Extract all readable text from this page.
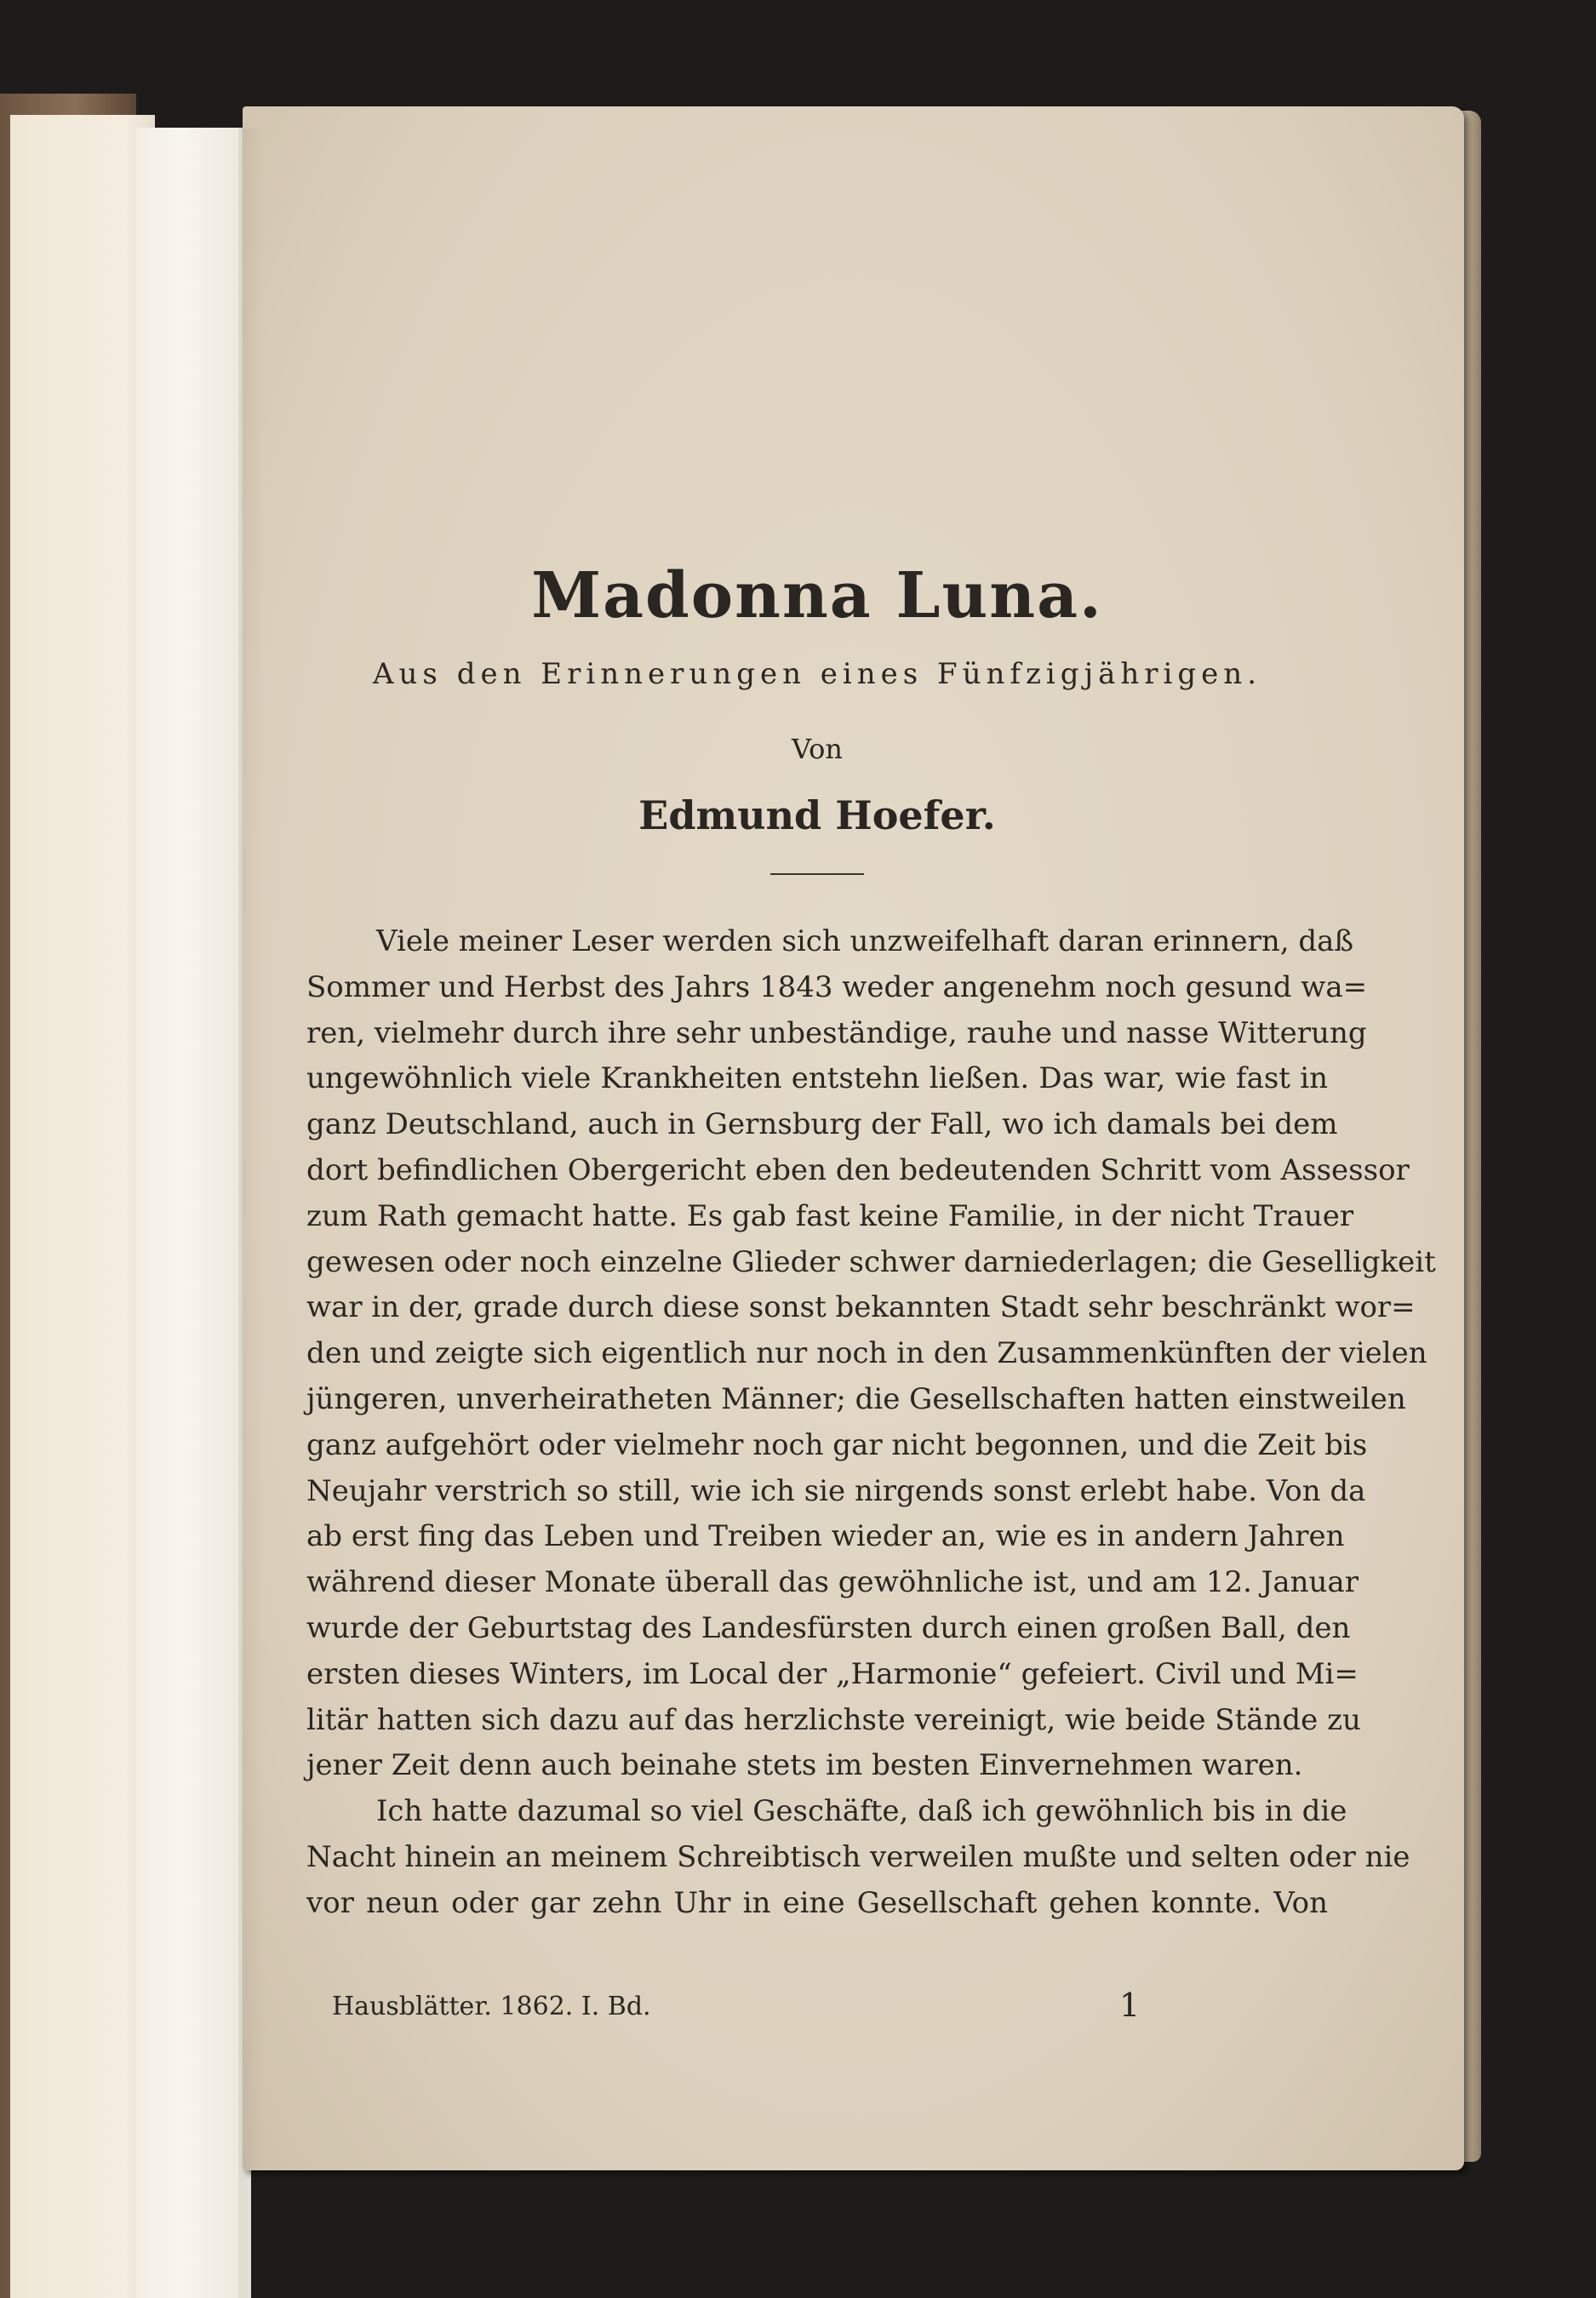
Madonna Luna.
Aus den Erinnerungen eines Fünfzigjährigen.
Von
Edmund Hoefer.
Viele meiner Leser werden sich unzweifelhaft daran erinnern, daß
Sommer und Herbst des Jahrs 1843 weder angenehm noch gesund wa=
ren, vielmehr durch ihre sehr unbeständige, rauhe und nasse Witterung
ungewöhnlich viele Krankheiten entstehn ließen. Das war, wie fast in
ganz Deutschland, auch in Gernsburg der Fall, wo ich damals bei dem
dort befindlichen Obergericht eben den bedeutenden Schritt vom Assessor
zum Rath gemacht hatte. Es gab fast keine Familie, in der nicht Trauer
gewesen oder noch einzelne Glieder schwer darniederlagen; die Geselligkeit
war in der, grade durch diese sonst bekannten Stadt sehr beschränkt wor=
den und zeigte sich eigentlich nur noch in den Zusammenkünften der vielen
jüngeren, unverheiratheten Männer; die Gesellschaften hatten einstweilen
ganz aufgehört oder vielmehr noch gar nicht begonnen, und die Zeit bis
Neujahr verstrich so still, wie ich sie nirgends sonst erlebt habe. Von da
ab erst fing das Leben und Treiben wieder an, wie es in andern Jahren
während dieser Monate überall das gewöhnliche ist, und am 12. Januar
wurde der Geburtstag des Landesfürsten durch einen großen Ball, den
ersten dieses Winters, im Local der „Harmonie“ gefeiert. Civil und Mi=
litär hatten sich dazu auf das herzlichste vereinigt, wie beide Stände zu
jener Zeit denn auch beinahe stets im besten Einvernehmen waren.
Ich hatte dazumal so viel Geschäfte, daß ich gewöhnlich bis in die
Nacht hinein an meinem Schreibtisch verweilen mußte und selten oder nie
vor neun oder gar zehn Uhr in eine Gesellschaft gehen konnte. Von
Hausblätter. 1862. I. Bd.	1
